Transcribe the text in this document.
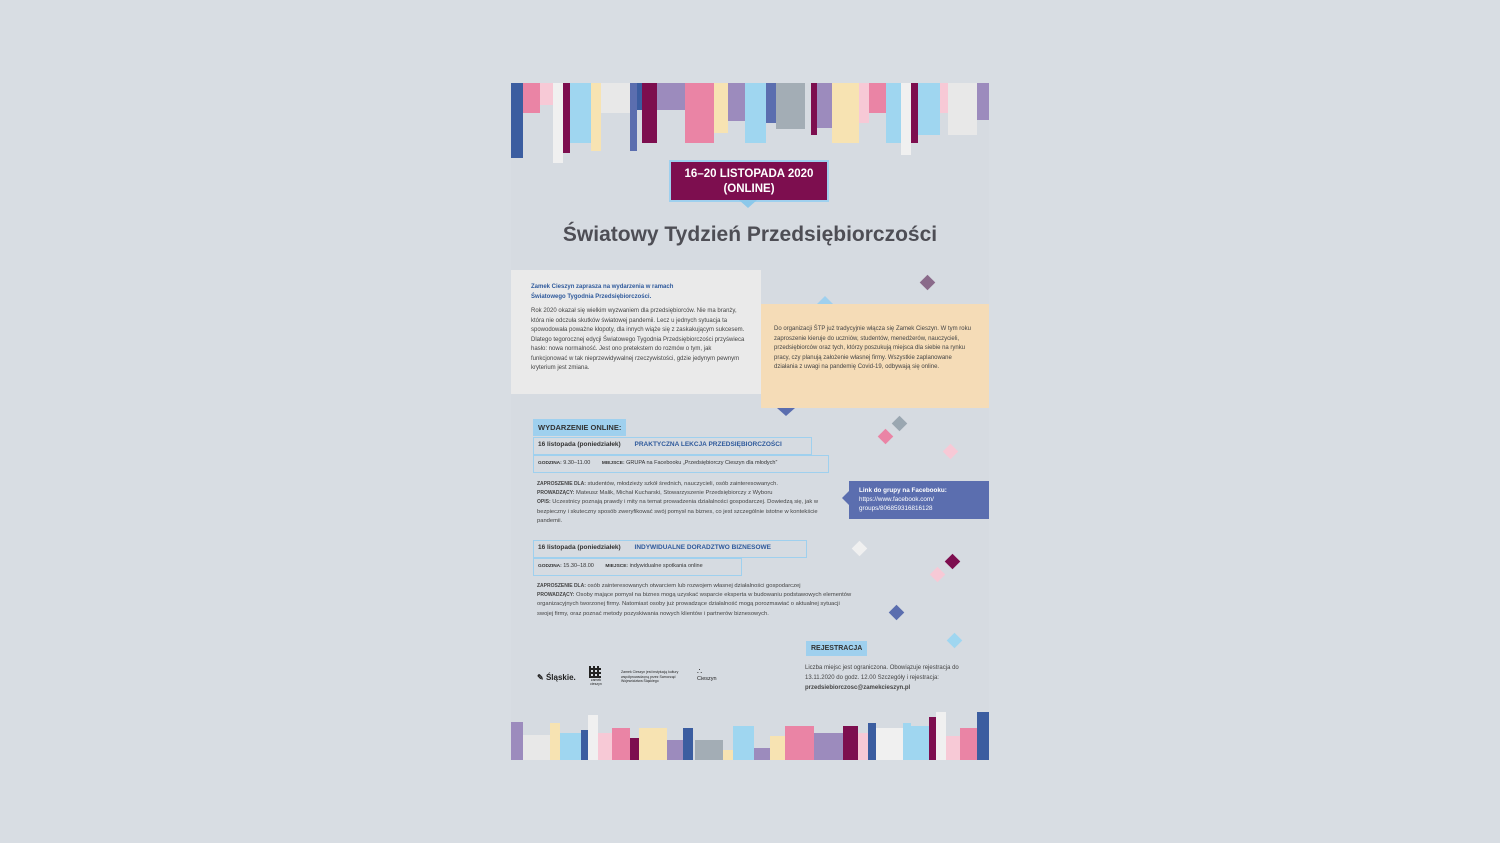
16–20 LISTOPADA 2020
(ONLINE)
Światowy Tydzień Przedsiębiorczości
Zamek Cieszyn zaprasza na wydarzenia w ramach
Światowego Tygodnia Przedsiębiorczości.
Rok 2020 okazał się wielkim wyzwaniem dla przedsiębiorców. Nie ma branży, która nie odczuła skutków światowej pandemii. Lecz u jednych sytuacja ta spowodowała poważne kłopoty, dla innych wiąże się z zaskakującym sukcesem. Dlatego tegorocznej edycji Światowego Tygodnia Przedsiębiorczości przyświeca hasło: nowa normalność. Jest ono pretekstem do rozmów o tym, jak funkcjonować w tak nieprzewidywalnej rzeczywistości, gdzie jedynym pewnym kryterium jest zmiana.
Do organizacji ŚTP już tradycyjnie włącza się Zamek Cieszyn. W tym roku zaproszenie kieruje do uczniów, studentów, menedżerów, nauczycieli, przedsiębiorców oraz tych, którzy poszukują miejsca dla siebie na rynku pracy, czy planują założenie własnej firmy. Wszystkie zaplanowane działania z uwagi na pandemię Covid-19, odbywają się online.
WYDARZENIE ONLINE:
16 listopada (poniedziałek) PRAKTYCZNA LEKCJA PRZEDSIĘBIORCZOŚCI
GODZINA: 9.30–11.00 MIEJSCE: GRUPA na Facebooku „Przedsiębiorczy Cieszyn dla młodych”
ZAPROSZENIE DLA: studentów, młodzieży szkół średnich, nauczycieli, osób zainteresowanych.
PROWADZĄCY: Mateusz Malik, Michał Kucharski, Stowarzyszenie Przedsiębiorczy z Wyboru
OPIS: Uczestnicy poznają prawdy i mity na temat prowadzenia działalności gospodarczej. Dowiedzą się, jak w bezpieczny i skuteczny sposób zweryfikować swój pomysł na biznes, co jest szczególnie istotne w kontekście pandemii.
Link do grupy na Facebooku:
https://www.facebook.com/
groups/806859316816128
16 listopada (poniedziałek) INDYWIDUALNE DORADZTWO BIZNESOWE
GODZINA: 15.30–18.00 MIEJSCE: indywidualne spotkania online
ZAPROSZENIE DLA: osób zainteresowanych otwarciem lub rozwojem własnej działalności gospodarczej
PROWADZĄCY: Osoby mające pomysł na biznes mogą uzyskać wsparcie eksperta w budowaniu podstawowych elementów organizacyjnych tworzonej firmy. Natomiast osoby już prowadzące działalność mogą porozmawiać o aktualnej sytuacji swojej firmy, oraz poznać metody pozyskiwania nowych klientów i partnerów biznesowych.
REJESTRACJA
Liczba miejsc jest ograniczona. Obowiązuje rejestracja do 13.11.2020 do godz. 12.00 Szczegóły i rejestracja:
przedsiebiorczosc@zamekcieszyn.pl
✎ Śląskie.	zamek cieszyn
Zamek Cieszyn jest instytucją kultury współprowadzoną przez Samorząd Województwa Śląskiego
∴
Cieszyn
